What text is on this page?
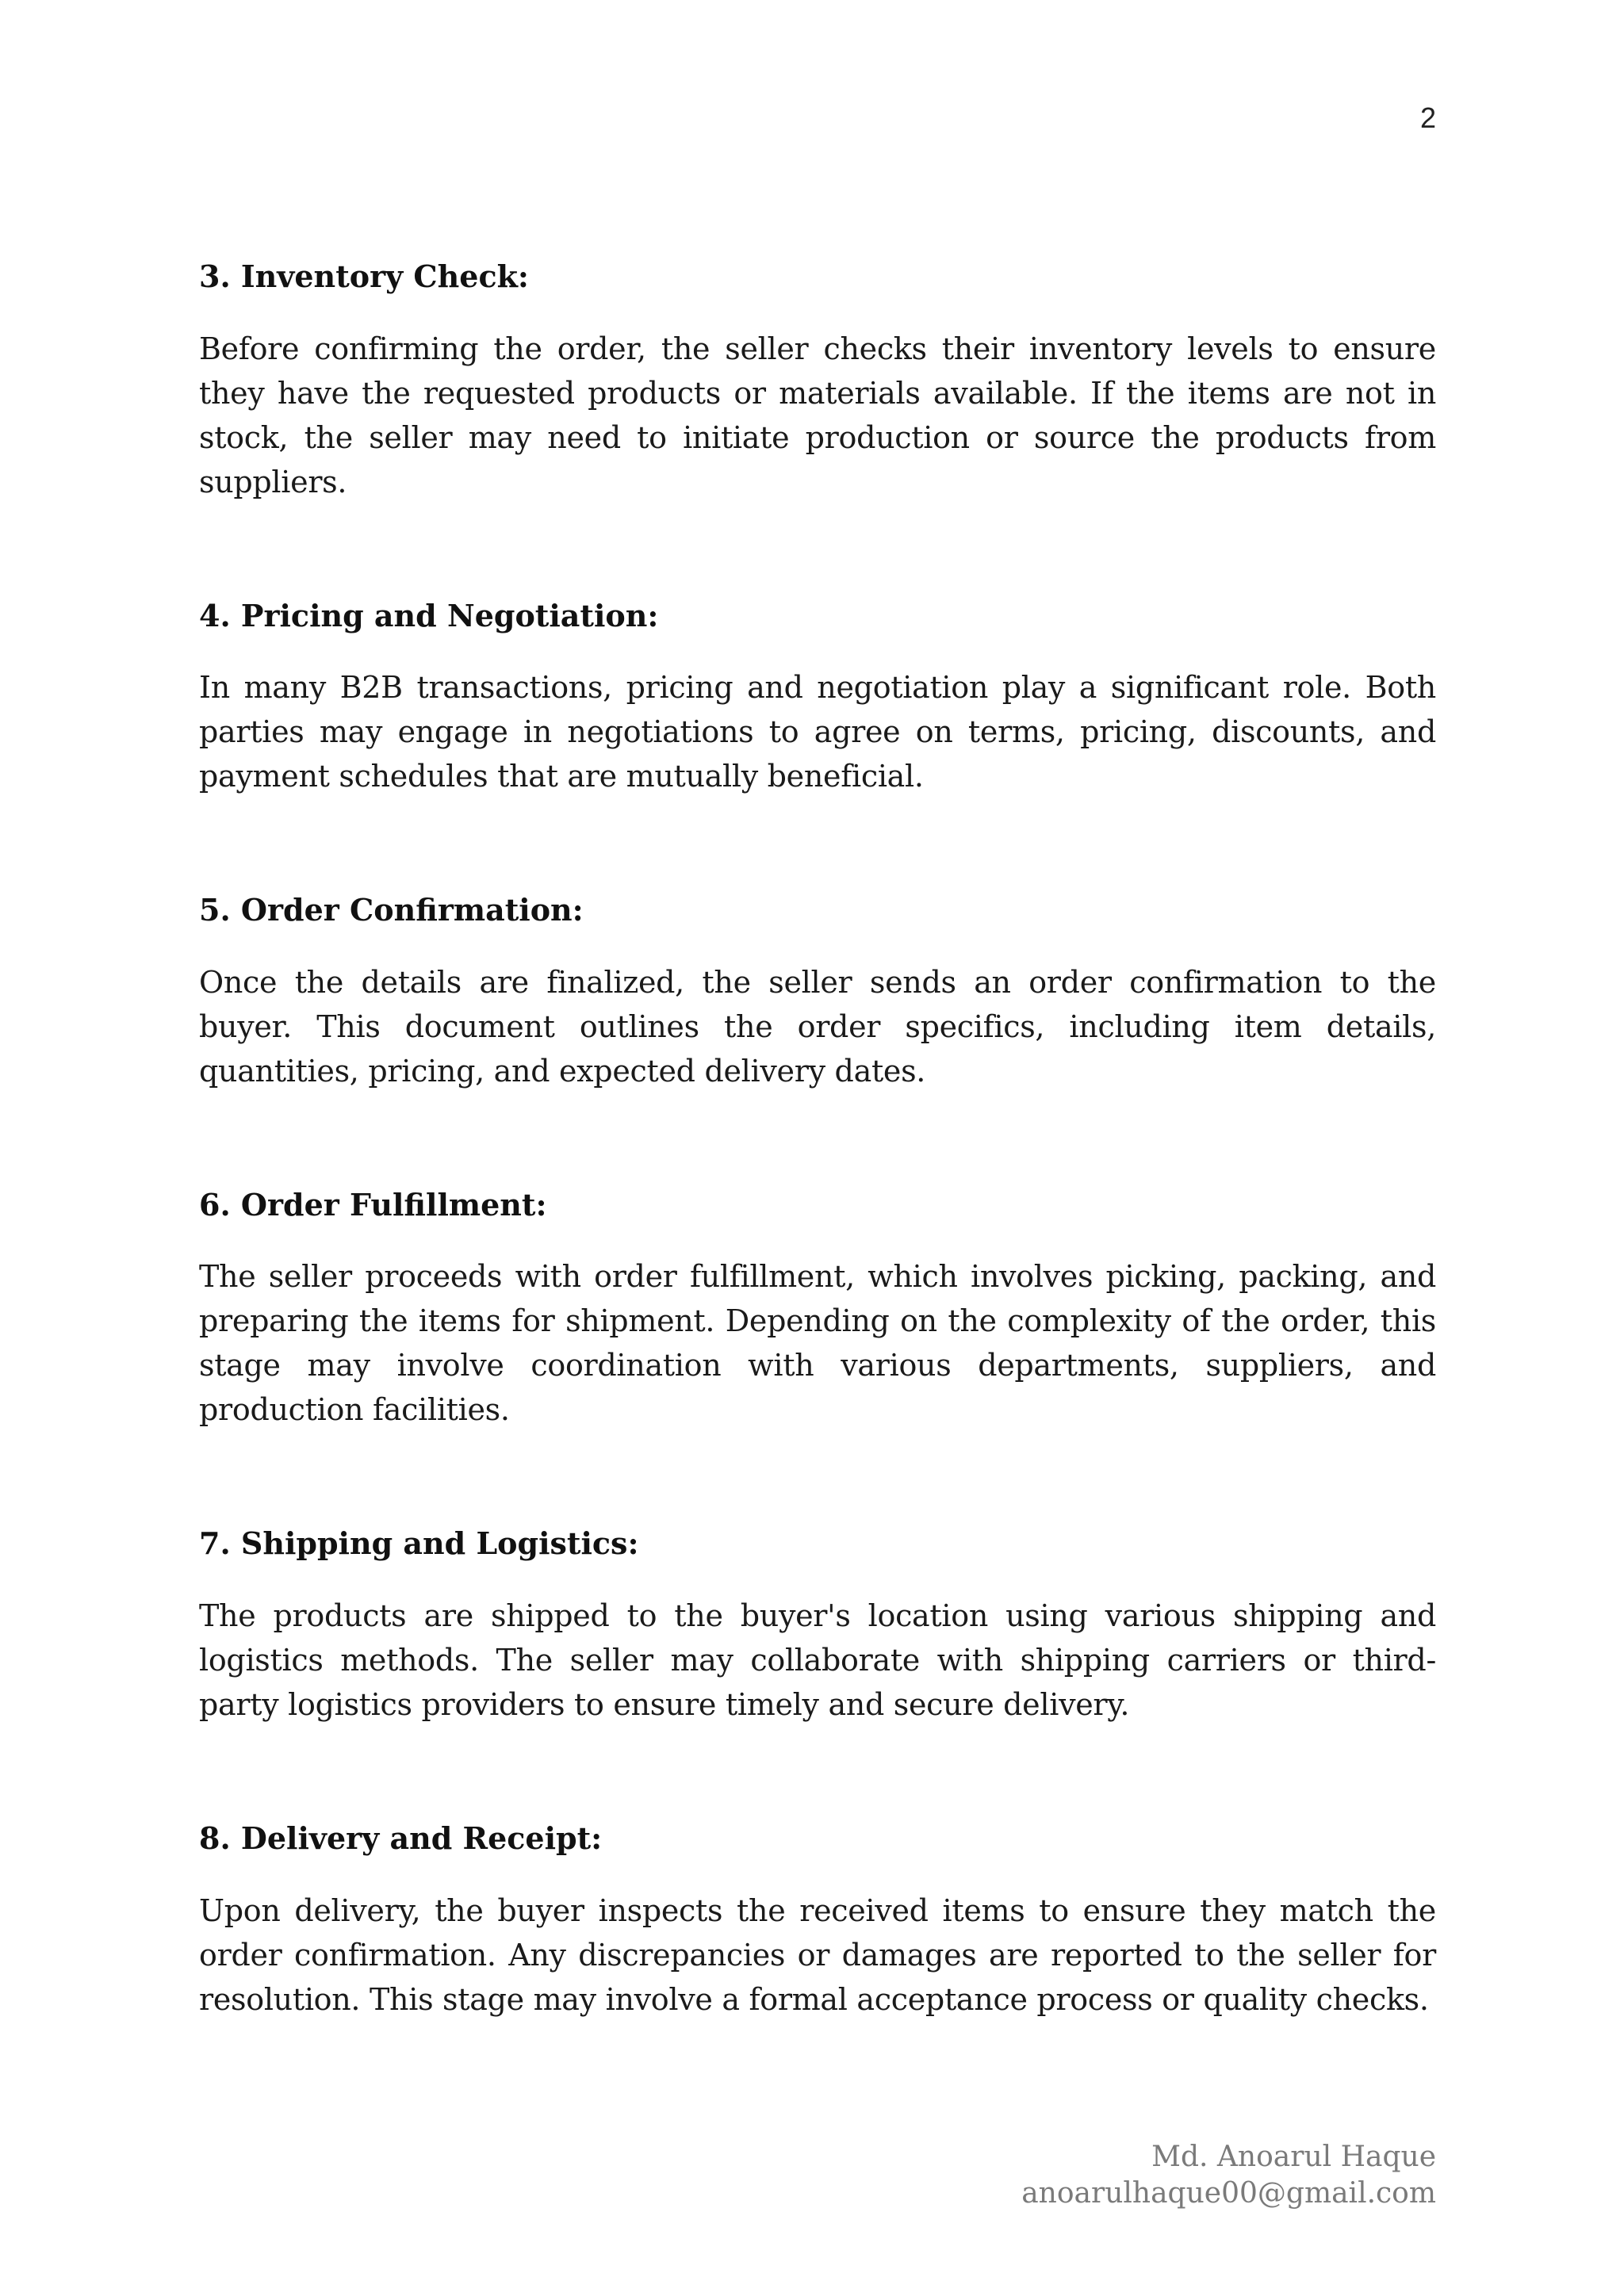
2
3. Inventory Check:

Before confirming the order, the seller checks their inventory levels to ensure they have the requested products or materials available. If the items are not in stock, the seller may need to initiate production or source the products from suppliers.

4. Pricing and Negotiation:

In many B2B transactions, pricing and negotiation play a significant role. Both parties may engage in negotiations to agree on terms, pricing, discounts, and payment schedules that are mutually beneficial.

5. Order Confirmation:

Once the details are finalized, the seller sends an order confirmation to the buyer. This document outlines the order specifics, including item details, quantities, pricing, and expected delivery dates.

6. Order Fulfillment:

The seller proceeds with order fulfillment, which involves picking, packing, and preparing the items for shipment. Depending on the complexity of the order, this stage may involve coordination with various departments, suppliers, and production facilities.

7. Shipping and Logistics:

The products are shipped to the buyer's location using various shipping and logistics methods. The seller may collaborate with shipping carriers or third-party logistics providers to ensure timely and secure delivery.

8. Delivery and Receipt:

Upon delivery, the buyer inspects the received items to ensure they match the order confirmation. Any discrepancies or damages are reported to the seller for resolution. This stage may involve a formal acceptance process or quality checks.

Md. Anoarul Haque
anoarulhaque00@gmail.com
